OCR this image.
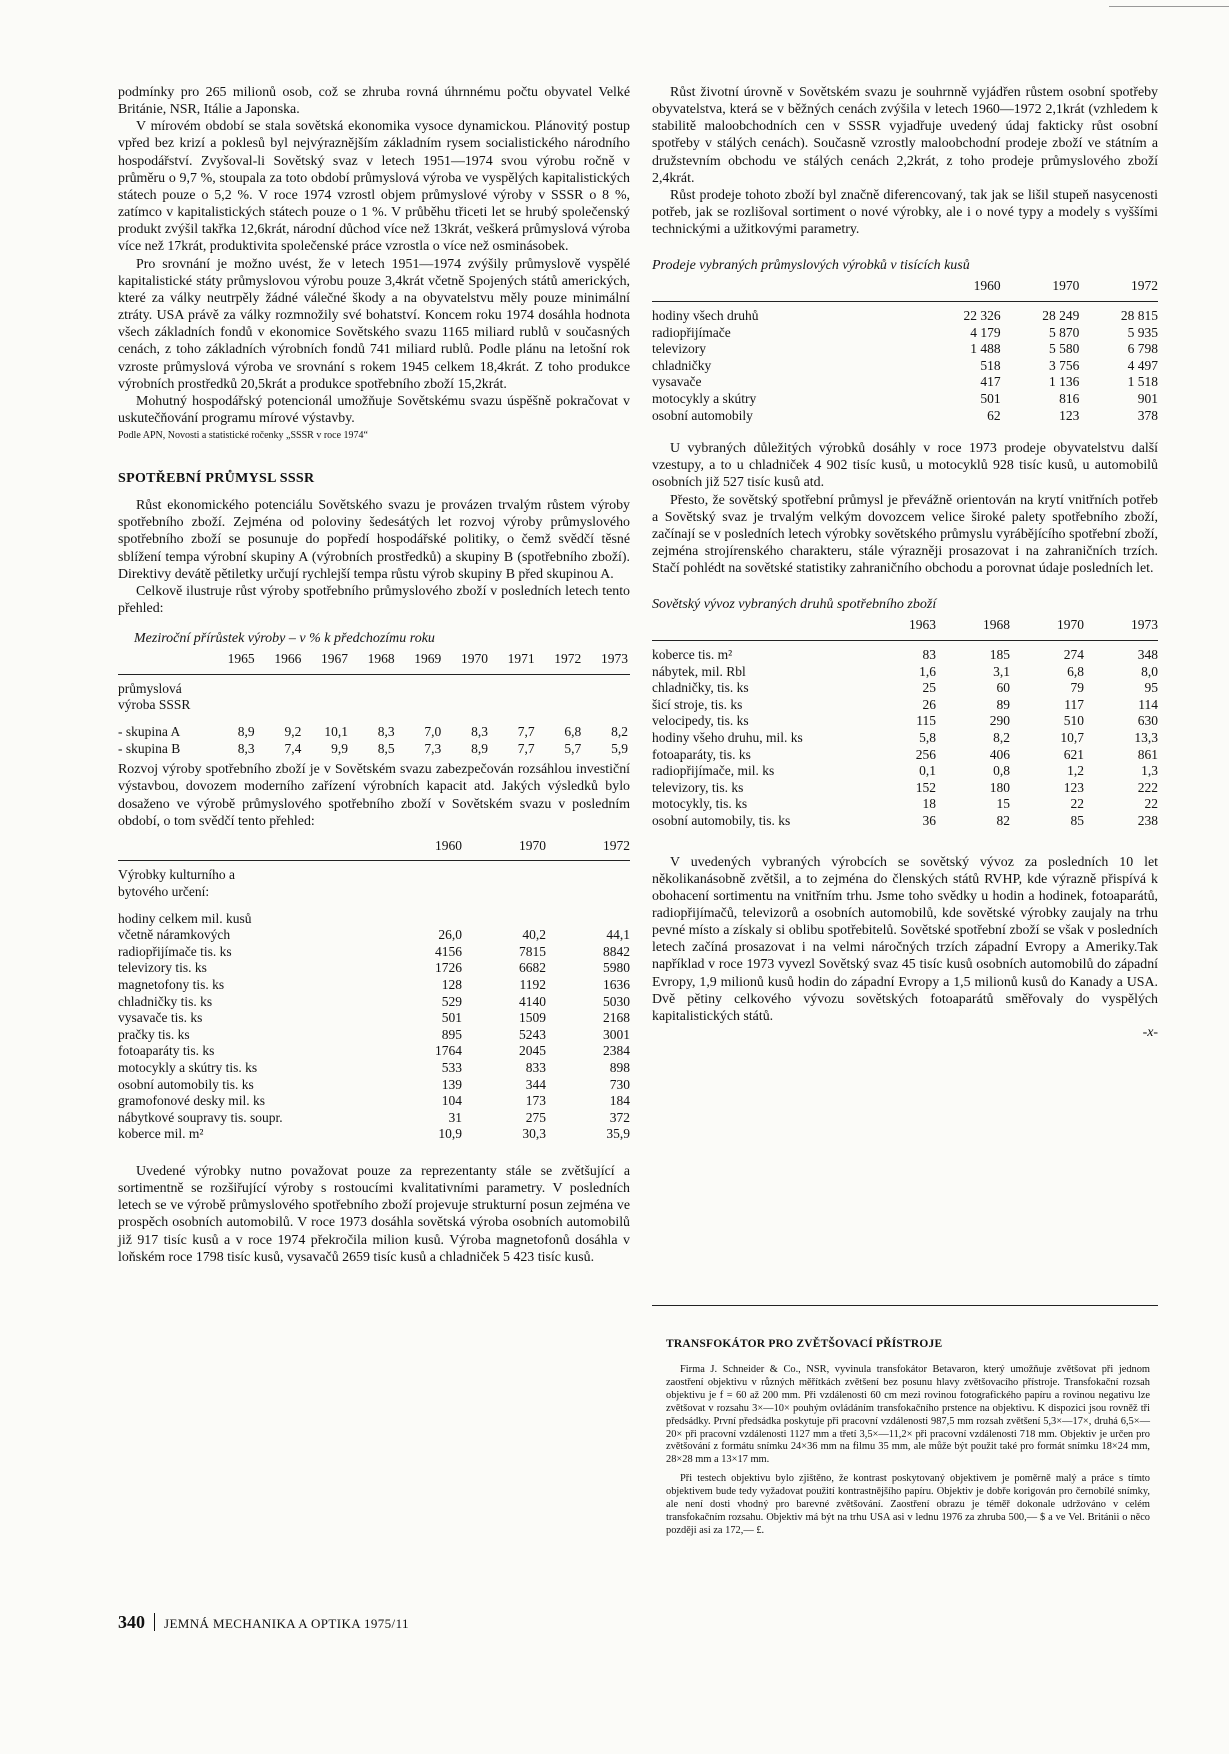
podmínky pro 265 milionů osob, což se zhruba rovná úhrnnému počtu obyvatel Velké Británie, NSR, Itálie a Japonska.

V mírovém období se stala sovětská ekonomika vysoce dynamickou. Plánovitý postup vpřed bez krizí a poklesů byl nejvýraznějším základním rysem socialistického národního hospodářství. Zvyšoval-li Sovětský svaz v letech 1951—1974 svou výrobu ročně v průměru o 9,7 %, stoupala za toto období průmyslová výroba ve vyspělých kapitalistických státech pouze o 5,2 %. V roce 1974 vzrostl objem průmyslové výroby v SSSR o 8 %, zatímco v kapitalistických státech pouze o 1 %. V průběhu třiceti let se hrubý společenský produkt zvýšil takřka 12,6krát, národní důchod více než 13krát, veškerá průmyslová výroba více než 17krát, produktivita společenské práce vzrostla o více než osminásobek.

Pro srovnání je možno uvést, že v letech 1951—1974 zvýšily průmyslově vyspělé kapitalistické státy průmyslovou výrobu pouze 3,4krát včetně Spojených států amerických, které za války neutrpěly žádné válečné škody a na obyvatelstvu měly pouze minimální ztráty. USA právě za války rozmnožily své bohatství. Koncem roku 1974 dosáhla hodnota všech základních fondů v ekonomice Sovětského svazu 1165 miliard rublů v současných cenách, z toho základních výrobních fondů 741 miliard rublů. Podle plánu na letošní rok vzroste průmyslová výroba ve srovnání s rokem 1945 celkem 18,4krát. Z toho produkce výrobních prostředků 20,5krát a produkce spotřebního zboží 15,2krát.

Mohutný hospodářský potencionál umožňuje Sovětskému svazu úspěšně pokračovat v uskutečňování programu mírové výstavby.

Podle APN, Novosti a statistické ročenky „SSSR v roce 1974“
SPOTŘEBNÍ PRŮMYSL SSSR

Růst ekonomického potenciálu Sovětského svazu je provázen trvalým růstem výroby spotřebního zboží. Zejména od poloviny šedesátých let rozvoj výroby průmyslového spotřebního zboží se posunuje do popředí hospodářské politiky, o čemž svědčí těsné sblížení tempa výrobní skupiny A (výrobních prostředků) a skupiny B (spotřebního zboží). Direktivy devátě pětiletky určují rychlejší tempa růstu výrob skupiny B před skupinou A.

Celkově ilustruje růst výroby spotřebního průmyslového zboží v posledních letech tento přehled:

Meziroční přírůstek výroby – v % k předchozímu roku
	1965	1966	1967	1968	1969	1970	1971	1972	1973
průmyslová									
výroba SSSR									

- skupina A	8,9	9,2	10,1	8,3	7,0	8,3	7,7	6,8	8,2
- skupina B	8,3	7,4	9,9	8,5	7,3	8,9	7,7	5,7	5,9

Rozvoj výroby spotřebního zboží je v Sovětském svazu zabezpečován rozsáhlou investiční výstavbou, dovozem moderního zařízení výrobních kapacit atd. Jakých výsledků bylo dosaženo ve výrobě průmyslového spotřebního zboží v Sovětském svazu v posledním období, o tom svědčí tento přehled:

	1960	1970	1972
Výrobky kulturního a			
bytového určení:			

hodiny celkem mil. kusů			
včetně náramkových	26,0	40,2	44,1
radiopřijímače tis. ks	4156	7815	8842
televizory tis. ks	1726	6682	5980
magnetofony tis. ks	128	1192	1636
chladničky tis. ks	529	4140	5030
vysavače tis. ks	501	1509	2168
pračky tis. ks	895	5243	3001
fotoaparáty tis. ks	1764	2045	2384
motocykly a skútry tis. ks	533	833	898
osobní automobily tis. ks	139	344	730
gramofonové desky mil. ks	104	173	184
nábytkové soupravy tis. soupr.	31	275	372
koberce mil. m²	10,9	30,3	35,9

Uvedené výrobky nutno považovat pouze za reprezentanty stále se zvětšující a sortimentně se rozšiřující výroby s rostoucími kvalitativními parametry. V posledních letech se ve výrobě průmyslového spotřebního zboží projevuje strukturní posun zejména ve prospěch osobních automobilů. V roce 1973 dosáhla sovětská výroba osobních automobilů již 917 tisíc kusů a v roce 1974 překročila milion kusů. Výroba magnetofonů dosáhla v loňském roce 1798 tisíc kusů, vysavačů 2659 tisíc kusů a chladniček 5 423 tisíc kusů.

Růst životní úrovně v Sovětském svazu je souhrnně vyjádřen růstem osobní spotřeby obyvatelstva, která se v běžných cenách zvýšila v letech 1960—1972 2,1krát (vzhledem k stabilitě maloobchodních cen v SSSR vyjadřuje uvedený údaj fakticky růst osobní spotřeby v stálých cenách). Současně vzrostly maloobchodní prodeje zboží ve státním a družstevním obchodu ve stálých cenách 2,2krát, z toho prodeje průmyslového zboží 2,4krát.

Růst prodeje tohoto zboží byl značně diferencovaný, tak jak se lišil stupeň nasycenosti potřeb, jak se rozlišoval sortiment o nové výrobky, ale i o nové typy a modely s vyššími technickými a užitkovými parametry.

Prodeje vybraných průmyslových výrobků v tisících kusů
	1960	1970	1972

hodiny všech druhů	22 326	28 249	28 815
radiopřijímače	4 179	5 870	5 935
televizory	1 488	5 580	6 798
chladničky	518	3 756	4 497
vysavače	417	1 136	1 518
motocykly a skútry	501	816	901
osobní automobily	62	123	378

U vybraných důležitých výrobků dosáhly v roce 1973 prodeje obyvatelstvu další vzestupy, a to u chladniček 4 902 tisíc kusů, u motocyklů 928 tisíc kusů, u automobilů osobních již 527 tisíc kusů atd.

Přesto, že sovětský spotřební průmysl je převážně orientován na krytí vnitřních potřeb a Sovětský svaz je trvalým velkým dovozcem velice široké palety spotřebního zboží, začínají se v posledních letech výrobky sovětského průmyslu vyrábějícího spotřební zboží, zejména strojírenského charakteru, stále výrazněji prosazovat i na zahraničních trzích. Stačí pohlédt na sovětské statistiky zahraničního obchodu a porovnat údaje posledních let.

Sovětský vývoz vybraných druhů spotřebního zboží
	1963	1968	1970	1973

koberce tis. m²	83	185	274	348
nábytek, mil. Rbl	1,6	3,1	6,8	8,0
chladničky, tis. ks	25	60	79	95
šicí stroje, tis. ks	26	89	117	114
velocipedy, tis. ks	115	290	510	630
hodiny všeho druhu, mil. ks	5,8	8,2	10,7	13,3
fotoaparáty, tis. ks	256	406	621	861
radiopřijímače, mil. ks	0,1	0,8	1,2	1,3
televizory, tis. ks	152	180	123	222
motocykly, tis. ks	18	15	22	22
osobní automobily, tis. ks	36	82	85	238

V uvedených vybraných výrobcích se sovětský vývoz za posledních 10 let několikanásobně zvětšil, a to zejména do členských států RVHP, kde výrazně přispívá k obohacení sortimentu na vnitřním trhu. Jsme toho svědky u hodin a hodinek, fotoaparátů, radiopřijímačů, televizorů a osobních automobilů, kde sovětské výrobky zaujaly na trhu pevné místo a získaly si oblibu spotřebitelů. Sovětské spotřební zboží se však v posledních letech začíná prosazovat i na velmi náročných trzích západní Evropy a Ameriky.Tak například v roce 1973 vyvezl Sovětský svaz 45 tisíc kusů osobních automobilů do západní Evropy, 1,9 milionů kusů hodin do západní Evropy a 1,5 milionů kusů do Kanady a USA. Dvě pětiny celkového vývozu sovětských fotoaparátů směřovaly do vyspělých kapitalistických států.

-x-
TRANSFOKÁTOR PRO ZVĚTŠOVACÍ PŘÍSTROJE

Firma J. Schneider & Co., NSR, vyvinula transfokátor Betavaron, který umožňuje zvětšovat při jednom zaostření objektivu v různých měřítkách zvětšení bez posunu hlavy zvětšovacího přístroje. Transfokační rozsah objektivu je f = 60 až 200 mm. Při vzdálenosti 60 cm mezi rovinou fotografického papíru a rovinou negativu lze zvětšovat v rozsahu 3×—10× pouhým ovládáním transfokačního prstence na objektivu. K dispozici jsou rovněž tři předsádky. První předsádka poskytuje při pracovní vzdálenosti 987,5 mm rozsah zvětšení 5,3×—17×, druhá 6,5×—20× při pracovní vzdálenosti 1127 mm a třetí 3,5×—11,2× při pracovní vzdálenosti 718 mm. Objektiv je určen pro zvětšování z formátu snímku 24×36 mm na filmu 35 mm, ale může být použit také pro formát snímku 18×24 mm, 28×28 mm a 13×17 mm.

Při testech objektivu bylo zjištěno, že kontrast poskytovaný objektivem je poměrně malý a práce s tímto objektivem bude tedy vyžadovat použití kontrastnějšího papíru. Objektiv je dobře korigován pro černobílé snímky, ale není dosti vhodný pro barevné zvětšování. Zaostření obrazu je téměř dokonale udržováno v celém transfokačním rozsahu. Objektiv má být na trhu USA asi v lednu 1976 za zhruba 500,— $ a ve Vel. Británii o něco později asi za 172,— £.

340 JEMNÁ MECHANIKA A OPTIKA 1975/11
